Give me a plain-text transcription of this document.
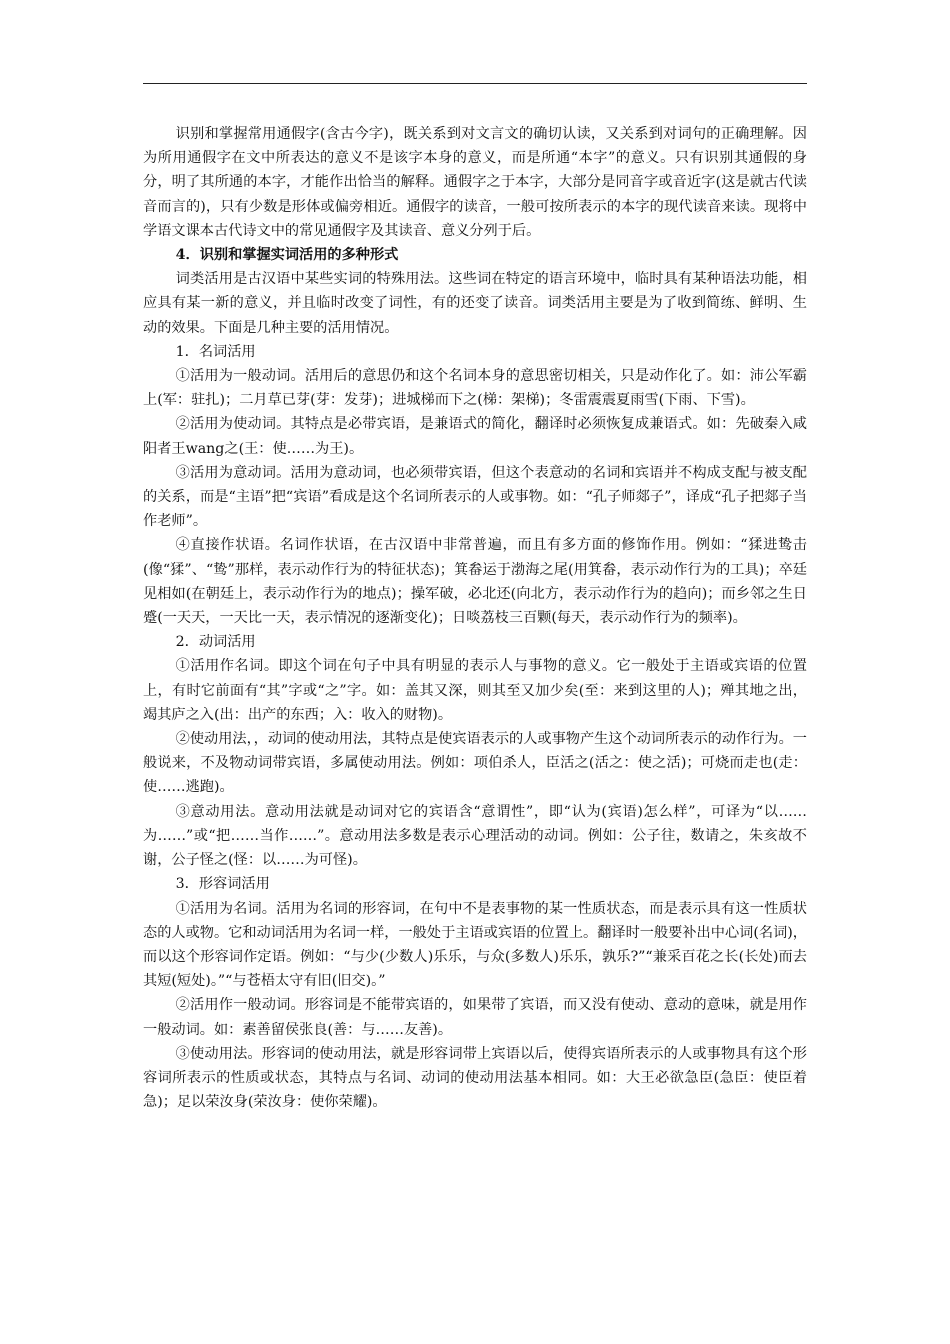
识别和掌握常用通假字(含古今字)，既关系到对文言文的确切认读，又关系到对词句的正确理解。因为所用通假字在文中所表达的意义不是该字本身的意义，而是所通“本字”的意义。只有识别其通假的身分，明了其所通的本字，才能作出恰当的解释。通假字之于本字，大部分是同音字或音近字(这是就古代读音而言的)，只有少数是形体或偏旁相近。通假字的读音，一般可按所表示的本字的现代读音来读。现将中学语文课本古代诗文中的常见通假字及其读音、意义分列于后。

4．识别和掌握实词活用的多种形式

词类活用是古汉语中某些实词的特殊用法。这些词在特定的语言环境中，临时具有某种语法功能，相应具有某一新的意义，并且临时改变了词性，有的还变了读音。词类活用主要是为了收到简练、鲜明、生动的效果。下面是几种主要的活用情况。

1．名词活用

①活用为一般动词。活用后的意思仍和这个名词本身的意思密切相关，只是动作化了。如：沛公军霸上(军：驻扎)；二月草已芽(芽：发芽)；进城梯而下之(梯：架梯)；冬雷震震夏雨雪(下雨、下雪)。

②活用为使动词。其特点是必带宾语，是兼语式的简化，翻译时必须恢复成兼语式。如：先破秦入咸阳者王wang之(王：使……为王)。

③活用为意动词。活用为意动词，也必须带宾语，但这个表意动的名词和宾语并不构成支配与被支配的关系，而是“主语”把“宾语”看成是这个名词所表示的人或事物。如：“孔子师郯子”，译成“孔子把郯子当作老师”。

④直接作状语。名词作状语，在古汉语中非常普遍，而且有多方面的修饰作用。例如：“猱进鸷击(像“猱”、“鸷”那样，表示动作行为的特征状态)；箕畚运于渤海之尾(用箕畚，表示动作行为的工具)；卒廷见相如(在朝廷上，表示动作行为的地点)；操军破，必北还(向北方，表示动作行为的趋向)；而乡邻之生日蹙(一天天，一天比一天，表示情况的逐渐变化)；日啖荔枝三百颗(每天，表示动作行为的频率)。

2．动词活用

①活用作名词。即这个词在句子中具有明显的表示人与事物的意义。它一般处于主语或宾语的位置上，有时它前面有“其”字或“之”字。如：盖其又深，则其至又加少矣(至：来到这里的人)；殚其地之出，竭其庐之入(出：出产的东西；入：收入的财物)。

②使动用法，，动词的使动用法，其特点是使宾语表示的人或事物产生这个动词所表示的动作行为。一般说来，不及物动词带宾语，多属使动用法。例如：项伯杀人，臣活之(活之：使之活)；可烧而走也(走：使……逃跑)。

③意动用法。意动用法就是动词对它的宾语含“意谓性”，即“认为(宾语)怎么样”，可译为“以……为……”或“把……当作……”。意动用法多数是表示心理活动的动词。例如：公子往，数请之，朱亥故不谢，公子怪之(怪：以……为可怪)。

3．形容词活用

①活用为名词。活用为名词的形容词，在句中不是表事物的某一性质状态，而是表示具有这一性质状态的人或物。它和动词活用为名词一样，一般处于主语或宾语的位置上。翻译时一般要补出中心词(名词)，而以这个形容词作定语。例如：“与少(少数人)乐乐，与众(多数人)乐乐，孰乐?”“兼采百花之长(长处)而去其短(短处)。”“与苍梧太守有旧(旧交)。”

②活用作一般动词。形容词是不能带宾语的，如果带了宾语，而又没有使动、意动的意味，就是用作一般动词。如：素善留侯张良(善：与……友善)。

③使动用法。形容词的使动用法，就是形容词带上宾语以后，使得宾语所表示的人或事物具有这个形容词所表示的性质或状态，其特点与名词、动词的使动用法基本相同。如：大王必欲急臣(急臣：使臣着急)；足以荣汝身(荣汝身：使你荣耀)。
